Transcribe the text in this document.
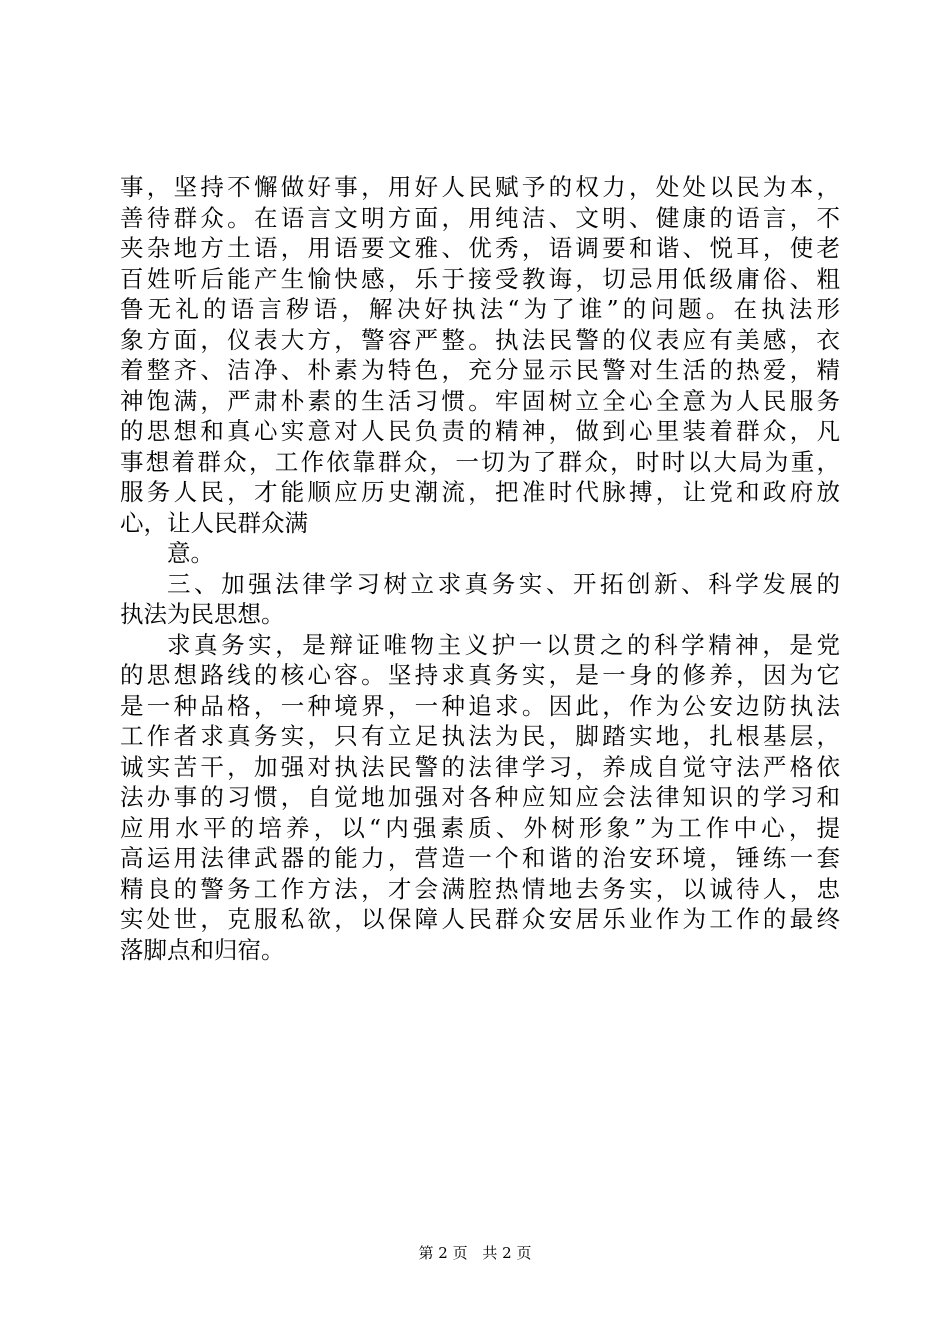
事，坚持不懈做好事，用好人民赋予的权力，处处以民为本，
善待群众。在语言文明方面，用纯洁、文明、健康的语言，不
夹杂地方土语，用语要文雅、优秀，语调要和谐、悦耳，使老
百姓听后能产生愉快感，乐于接受教诲，切忌用低级庸俗、粗
鲁无礼的语言秽语，解决好执法“为了谁”的问题。在执法形
象方面，仪表大方，警容严整。执法民警的仪表应有美感，衣
着整齐、洁净、朴素为特色，充分显示民警对生活的热爱，精
神饱满，严肃朴素的生活习惯。牢固树立全心全意为人民服务
的思想和真心实意对人民负责的精神，做到心里装着群众，凡
事想着群众，工作依靠群众，一切为了群众，时时以大局为重，
服务人民，才能顺应历史潮流，把准时代脉搏，让党和政府放
心，让人民群众满
意。
三、加强法律学习树立求真务实、开拓创新、科学发展的
执法为民思想。
求真务实，是辩证唯物主义护一以贯之的科学精神，是党
的思想路线的核心容。坚持求真务实，是一身的修养，因为它
是一种品格，一种境界，一种追求。因此，作为公安边防执法
工作者求真务实，只有立足执法为民，脚踏实地，扎根基层，
诚实苦干，加强对执法民警的法律学习，养成自觉守法严格依
法办事的习惯，自觉地加强对各种应知应会法律知识的学习和
应用水平的培养，以“内强素质、外树形象”为工作中心，提
高运用法律武器的能力，营造一个和谐的治安环境，锤练一套
精良的警务工作方法，才会满腔热情地去务实，以诚待人，忠
实处世，克服私欲，以保障人民群众安居乐业作为工作的最终
落脚点和归宿。
第 2 页 共 2 页
